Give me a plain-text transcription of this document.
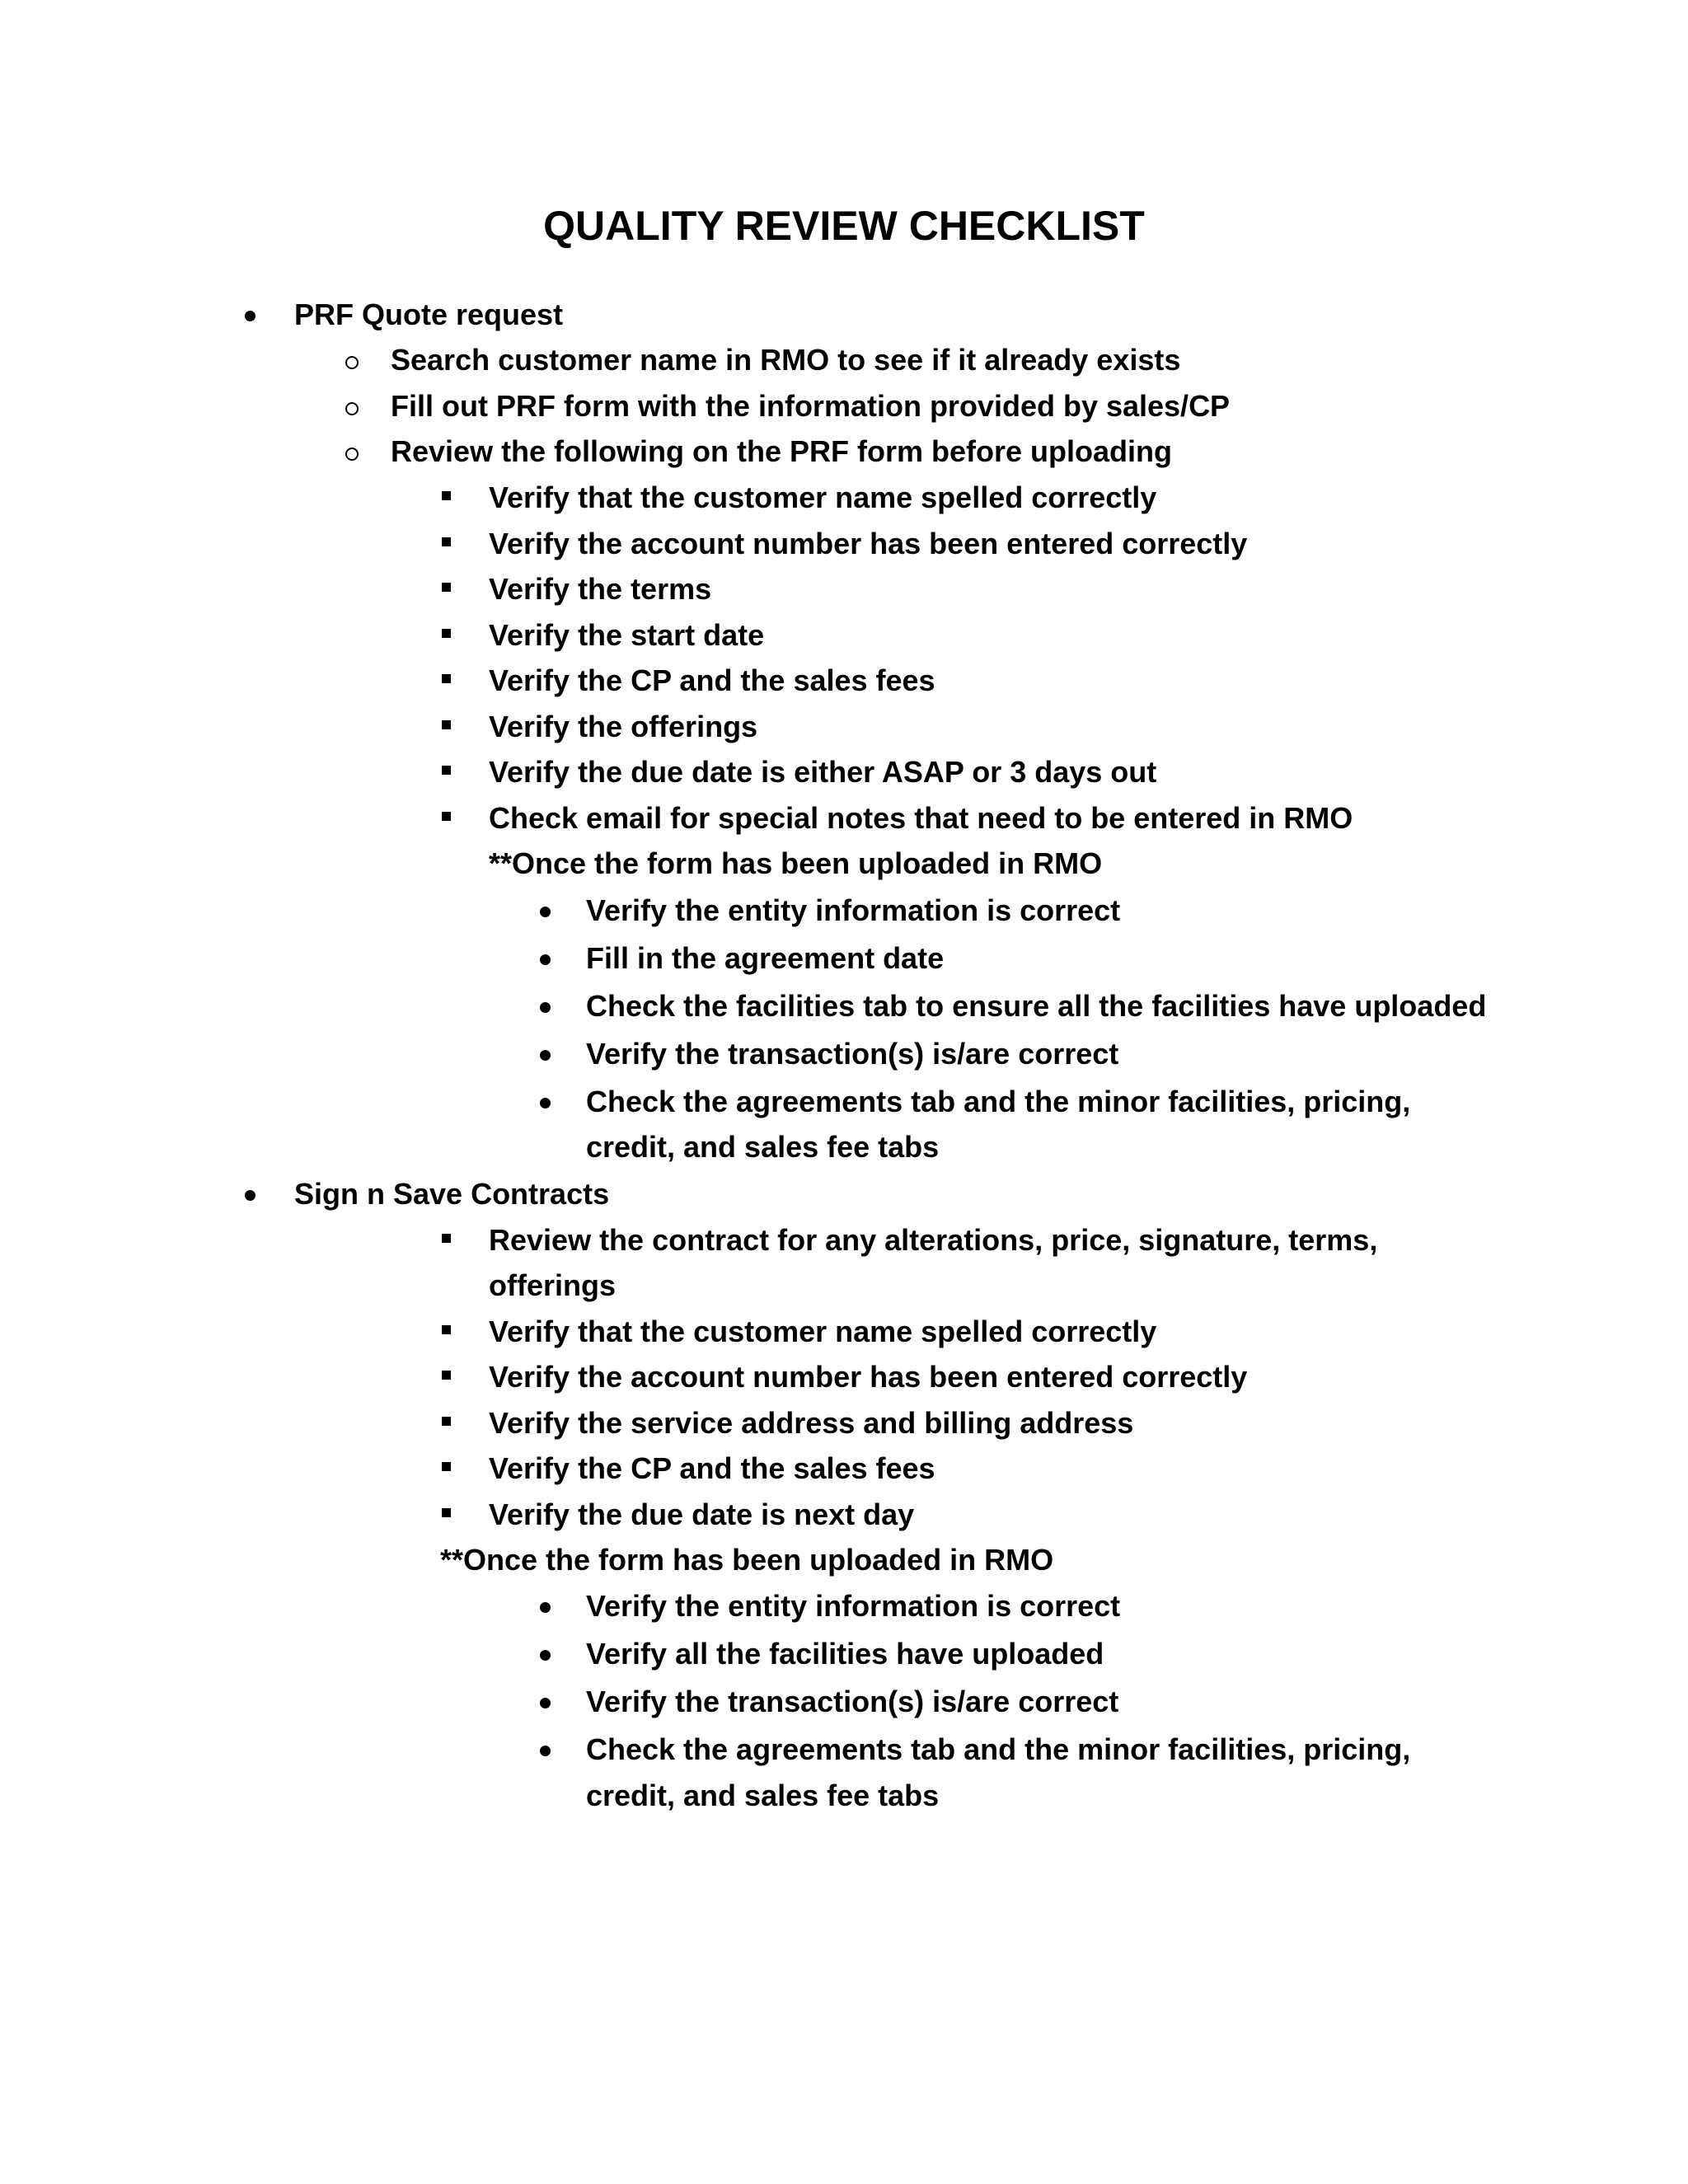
QUALITY REVIEW CHECKLIST
PRF Quote request
Search customer name in RMO to see if it already exists
Fill out PRF form with the information provided by sales/CP
Review the following on the PRF form before uploading
Verify that the customer name spelled correctly
Verify the account number has been entered correctly
Verify the terms
Verify the start date
Verify the CP and the sales fees
Verify the offerings
Verify the due date is either ASAP or 3 days out
Check email for special notes that need to be entered in RMO
**Once the form has been uploaded in RMO
Verify the entity information is correct
Fill in the agreement date
Check the facilities tab to ensure all the facilities have uploaded
Verify the transaction(s) is/are correct
Check the agreements tab and the minor facilities, pricing,
credit, and sales fee tabs
Sign n Save Contracts
Review the contract for any alterations, price, signature, terms,
offerings
Verify that the customer name spelled correctly
Verify the account number has been entered correctly
Verify the service address and billing address
Verify the CP and the sales fees
Verify the due date is next day
**Once the form has been uploaded in RMO
Verify the entity information is correct
Verify all the facilities have uploaded
Verify the transaction(s) is/are correct
Check the agreements tab and the minor facilities, pricing,
credit, and sales fee tabs
